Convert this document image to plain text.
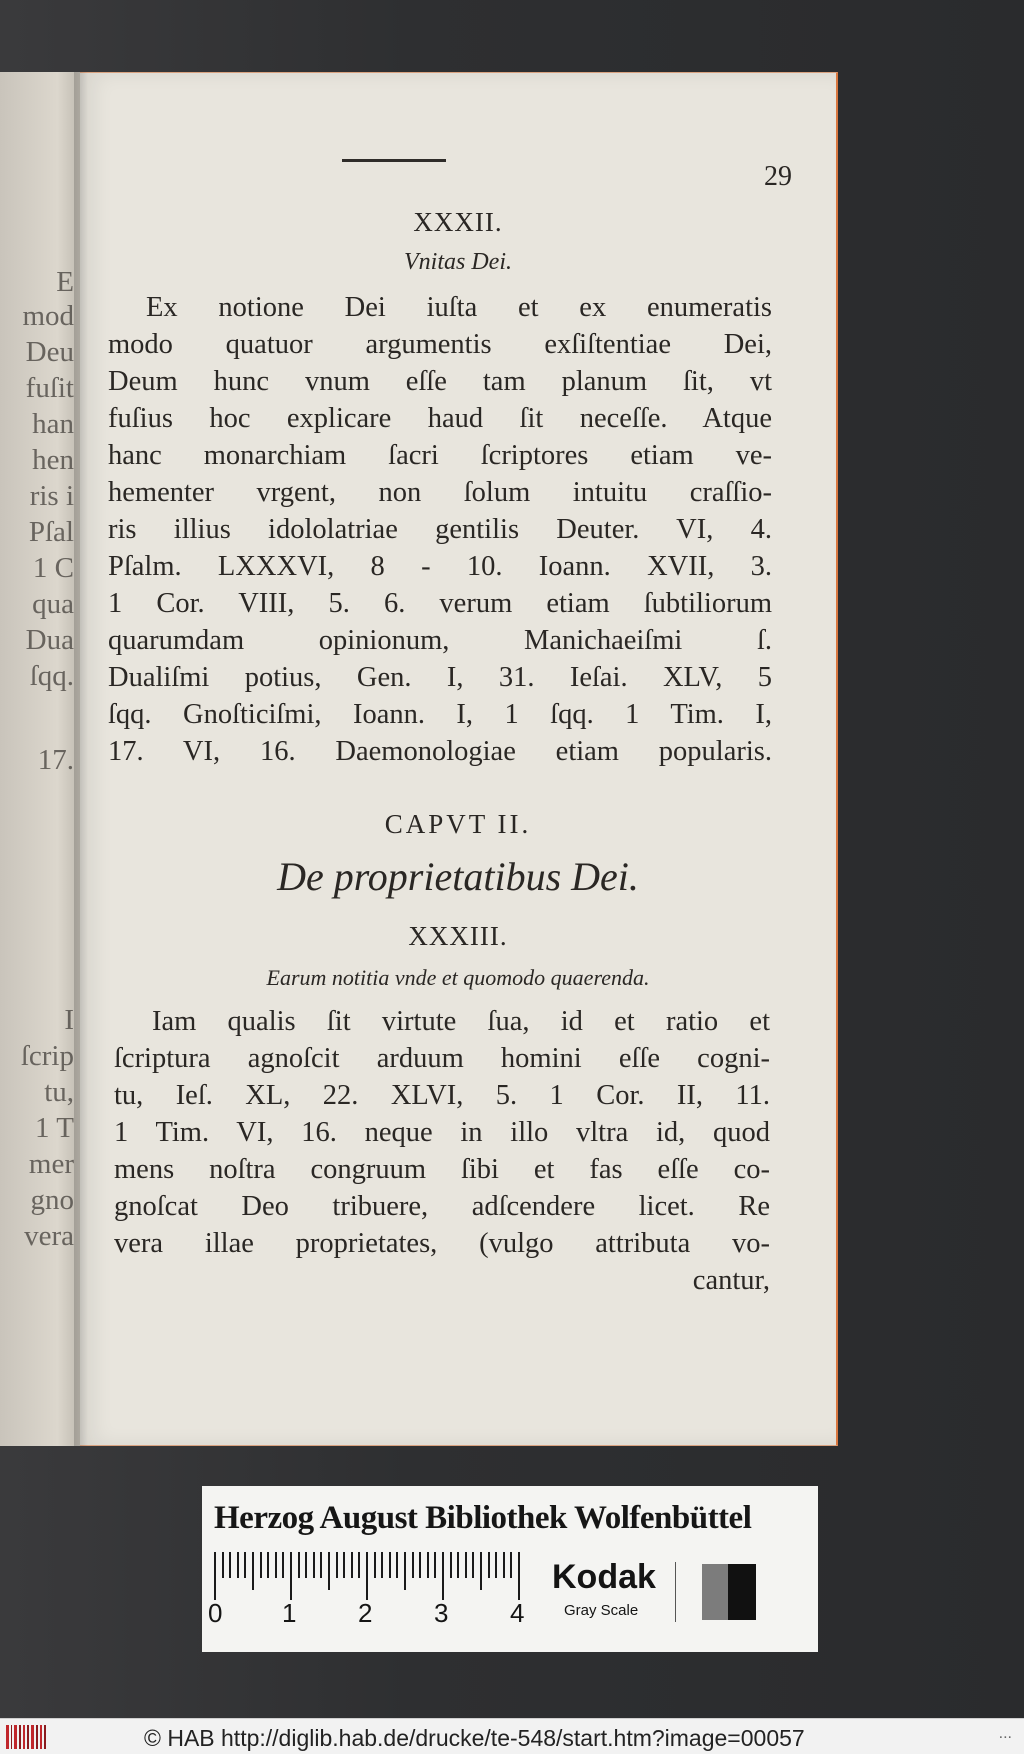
E
mod
Deu
fuſit
han
hen
ris i
Pſal
1 C
qua
Dua
ſqq.
17.
I
ſcrip
tu,
1 T
mer
gno
vera
29
XXXII.
Vnitas Dei.
Ex notione Dei iuſta et ex enumeratis
modo quatuor argumentis exſiſtentiae Dei,
Deum hunc vnum eſſe tam planum ſit, vt
fuſius hoc explicare haud ſit neceſſe. Atque
hanc monarchiam ſacri ſcriptores etiam ve-
hementer vrgent, non ſolum intuitu craſſio-
ris illius idololatriae gentilis Deuter. VI, 4.
Pſalm. LXXXVI, 8 - 10. Ioann. XVII, 3.
1 Cor. VIII, 5. 6. verum etiam ſubtiliorum
quarumdam opinionum, Manichaeiſmi ſ.
Dualiſmi potius, Gen. I, 31. Ieſai. XLV, 5
ſqq. Gnoſticiſmi, Ioann. I, 1 ſqq. 1 Tim. I,
17. VI, 16. Daemonologiae etiam popularis.
CAPVT II.
De proprietatibus Dei.
XXXIII.
Earum notitia vnde et quomodo quaerenda.
Iam qualis ſit virtute ſua, id et ratio et
ſcriptura agnoſcit arduum homini eſſe cogni-
tu, Ieſ. XL, 22. XLVI, 5. 1 Cor. II, 11.
1 Tim. VI, 16. neque in illo vltra id, quod
mens noſtra congruum ſibi et fas eſſe co-
gnoſcat Deo tribuere, adſcendere licet. Re
vera illae proprietates, (vulgo attributa vo-
cantur,
Herzog August Bibliothek Wolfenbüttel
0 1 2 3 4
Kodak
Gray Scale
© HAB http://diglib.hab.de/drucke/te-548/start.htm?image=00057	...
